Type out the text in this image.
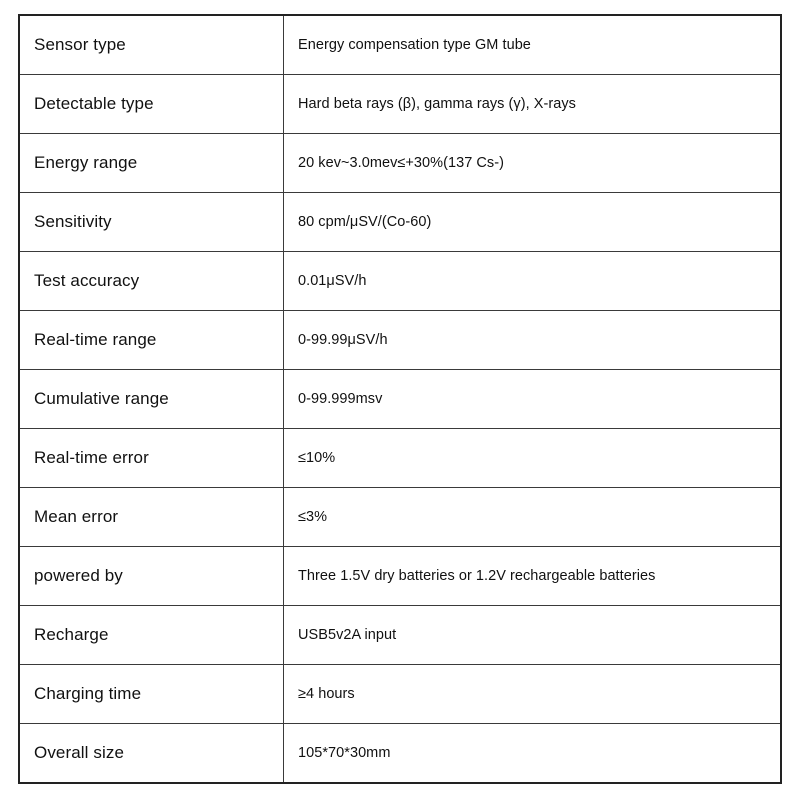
Sensor type	Energy compensation type GM tube
Detectable type	Hard beta rays (β), gamma rays (γ), X-rays
Energy range	20 kev~3.0mev≤+30%(137 Cs-)
Sensitivity	80 cpm/μSV/(Co-60)
Test accuracy	0.01μSV/h
Real-time range	0-99.99μSV/h
Cumulative range	0-99.999msv
Real-time error	≤10%
Mean error	≤3%
powered by	Three 1.5V dry batteries or 1.2V rechargeable batteries
Recharge	USB5v2A input
Charging time	≥4 hours
Overall size	105*70*30mm
